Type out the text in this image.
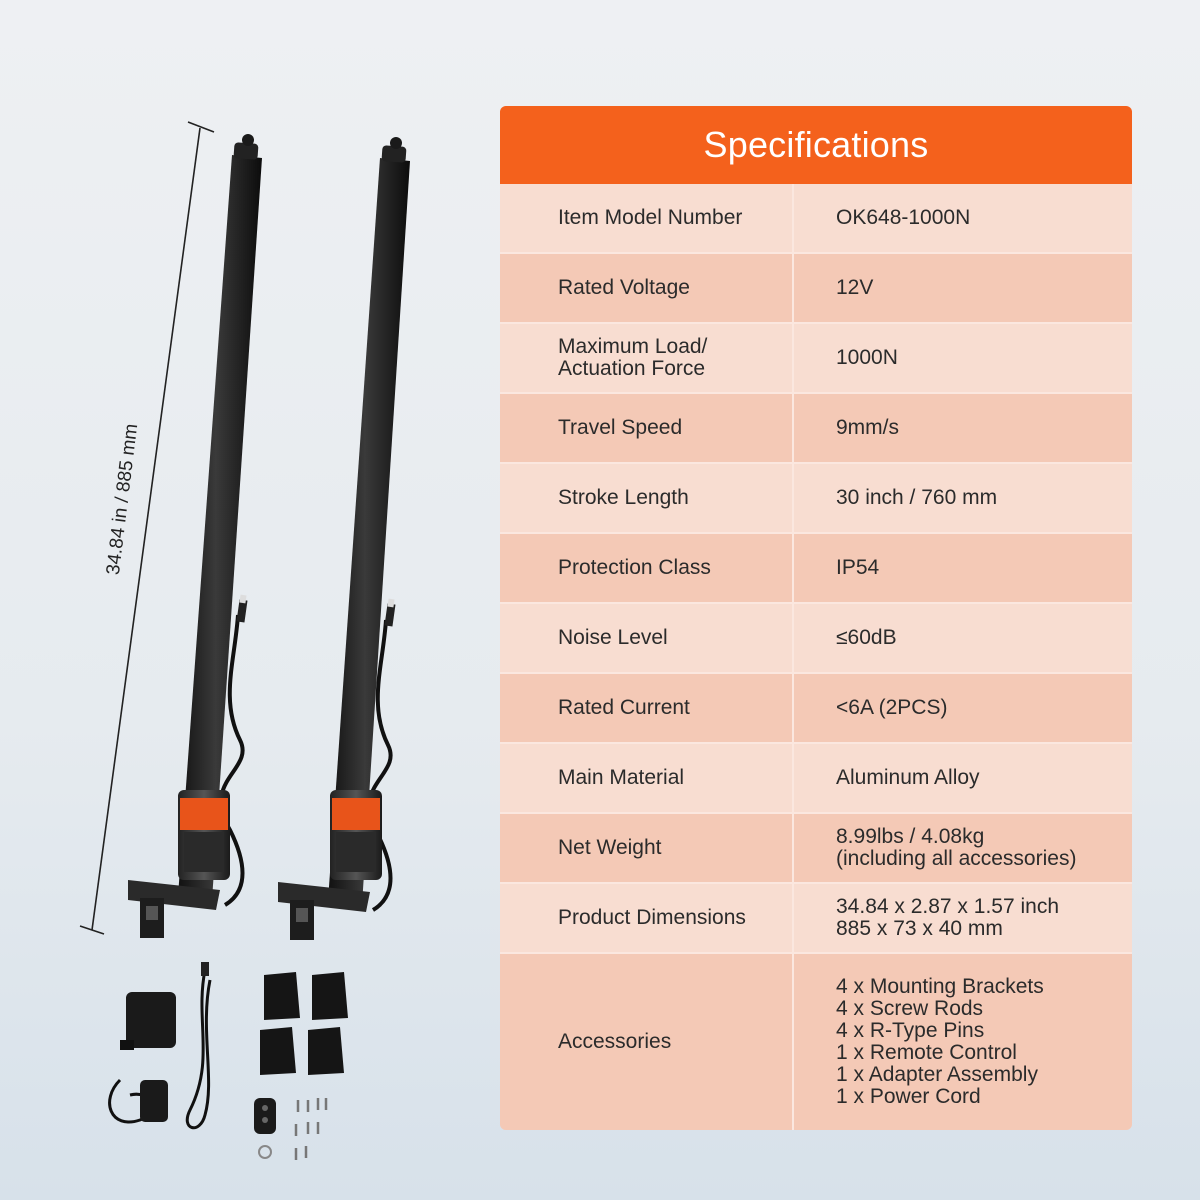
34.84 in / 885 mm
Specifications
Item Model Number	OK648-1000N
Rated Voltage	12V
Maximum Load/
Actuation Force	1000N
Travel Speed	9mm/s
Stroke Length	30 inch / 760 mm
Protection Class	IP54
Noise Level	≤60dB
Rated Current	<6A (2PCS)
Main Material	Aluminum Alloy
Net Weight	8.99lbs / 4.08kg
(including all accessories)
Product Dimensions	34.84 x 2.87 x 1.57 inch
885 x 73 x 40 mm
Accessories
4 x Mounting Brackets
4 x Screw Rods
4 x R-Type Pins
1 x Remote Control
1 x Adapter Assembly
1 x Power Cord
